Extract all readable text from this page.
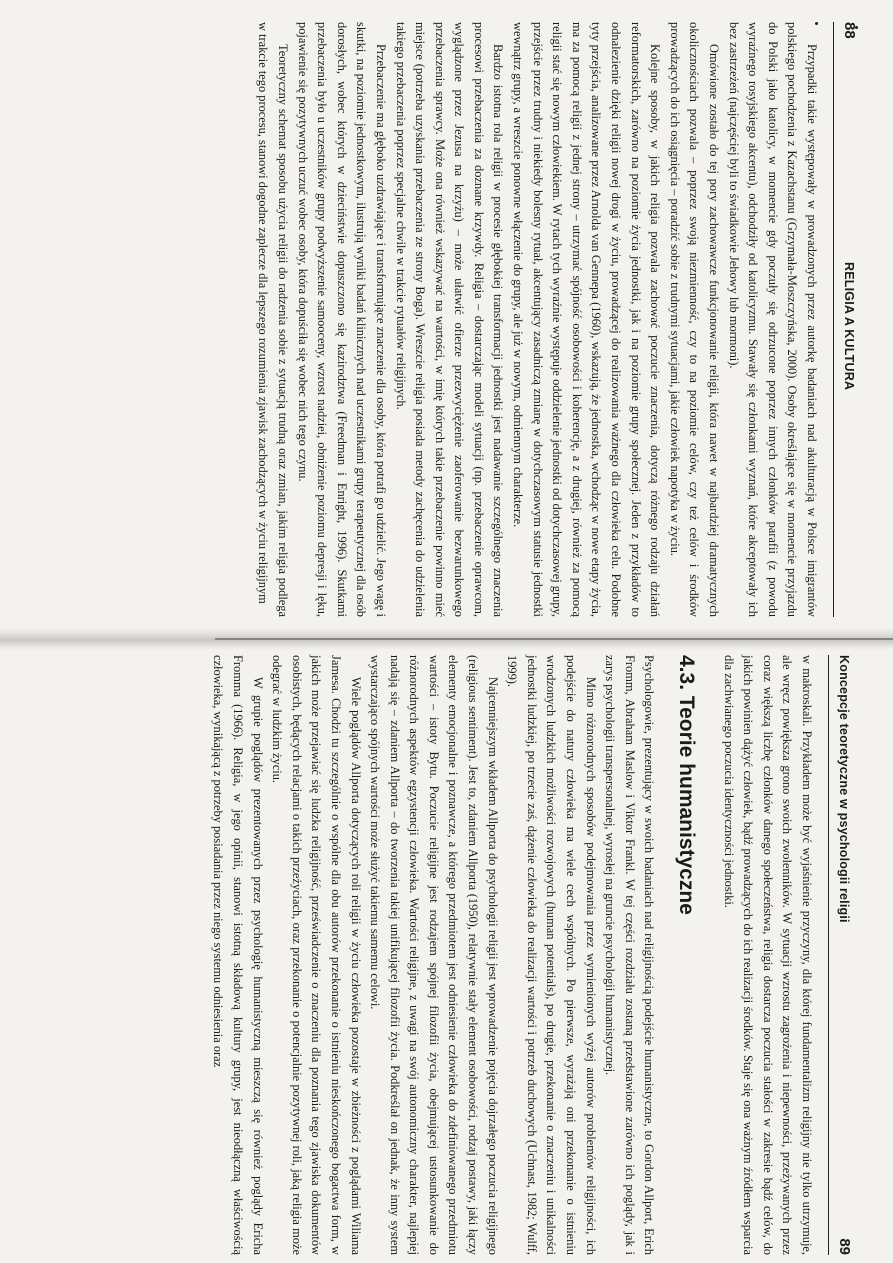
88
RELIGIA A KULTURA

Przypadki takie występowały w prowadzonych przez autorkę badaniach nad akulturacją w Polsce imigrantów polskiego pochodzenia z Kazachstanu (Grzymała-Moszczyńska, 2000). Osoby określające się w momencie przyjazdu do Polski jako katolicy, w momencie gdy poczuły się odrzucone poprzez innych członków parafii (z powodu wyraźnego rosyjskiego akcentu), odchodziły od katolicyzmu. Stawały się członkami wyznań, które akceptowały ich bez zastrzeżeń (najczęściej byli to świadkowie Jehowy lub mormoni).

Omówione zostało do tej pory zachowawcze funkcjonowanie religii, która nawet w najbardziej dramatycznych okolicznościach pozwala – poprzez swoją niezmienność, czy to na poziomie celów, czy też celów i środków prowadzących do ich osiągnięcia – poradzić sobie z trudnymi sytuacjami, jakie człowiek napotyka w życiu.

Kolejne sposoby, w jakich religia pozwala zachować poczucie znaczenia, dotyczą różnego rodzaju działań reformatorskich, zarówno na poziomie życia jednostki, jak i na poziomie grupy społecznej. Jeden z przykładów to odnalezienie dzięki religii nowej drogi w życiu, prowadzącej do realizowania ważnego dla człowieka celu. Podobne tyty przejścia, analizowane przez Arnolda van Gennepa (1960), wskazują, że jednostka, wchodząc w nowe etapy życia, ma za pomocą religii z jednej strony – utrzymać spójność osobowości i koherencję, a z drugiej, również za pomocą religii stać się nowym człowiekiem. W rytach tych wyraźnie występuje oddzielenie jednostki od dotychczasowej grupy, przejście przez trudny i niekiedy bolesny rytuał, akcentujący zasadniczą zmianę w dotychczasowym statusie jednostki wewnątrz grupy, a wreszcie ponowne włączenie do grupy, ale już w nowym, odmiennym charakterze.

Bardzo istotna rola religii w procesie głębokiej transformacji jednostki jest nadawanie szczególnego znaczenia procesowi przebaczenia za doznane krzywdy. Religia – dostarczając modeli sytuacji (np. przebaczenie oprawcom, wyglądzone przez Jezusa na krzyżu) – może ułatwić ofierze przezwyciężenie zaoferowanie bezwarunkowego przebaczenia sprawcy. Może ona również wskazywać na wartości, w imię których takie przebaczenie powinno mieć miejsce (potrzeba uzyskania przebaczenia ze strony Boga). Wreszcie religia posiada metody zachęcenia do udzielenia takiego przebaczenia poprzez specjalne chwile w trakcie rytuałów religijnych.

Przebaczenie ma głęboko uzdrawiające i transformujące znaczenie dla osoby, która potrafi go udzielić. Jego wagę i skutki, na poziomie jednostkowym, ilustrują wyniki badań klinicznych nad uczestnikami grupy terapeutycznej dla osób dorosłych, wobec których w dzieciństwie dopuszczono się kazirodztwa (Freedman i Enright, 1996). Skutkami przebaczenia było u uczestników grupy podwyższenie samooceny, wzrost nadziei, obniżenie poziomu depresji i lęku, pojawienie się pozytywnych uczuć wobec osoby, która dopuściła się wobec nich tego czynu.

Teoretyczny schemat sposobu użycia religii do radzenia sobie z sytuacją trudną oraz zmian, jakim religia podlega w trakcie tego procesu, stanowi dogodne zaplecze dla lepszego rozumienia zjawisk zachodzących w życiu religijnym

Koncepcje teoretyczne w psychologii religii
89

w makroskali. Przykładem może być wyjaśnienie przyczyny, dla której fundamentalizm religijny nie tylko utrzymuje, ale wręcz powiększa grono swoich zwolenników. W sytuacji wzrostu zagrożenia i niepewności, przeżywanych przez coraz większą liczbę członków danego społeczeństwa, religia dostarcza poczucia stałości w zakresie bądź celów, do jakich powinien dążyć człowiek, bądź prowadzących do ich realizacji środków. Staje się ona ważnym źródłem wsparcia dla zachwianego poczucia identyczności jednostki.

4.3. Teorie humanistyczne

Psychologowie, prezentujący w swoich badaniach nad religijnością podejście humanistyczne, to Gordon Allport, Erich Fromm, Abraham Maslow i Viktor Frankl. W tej części rozdziału zostaną przedstawione zarówno ich poglądy, jak i zarys psychologii transpersonalnej, wyrosłej na gruncie psychologii humanistycznej.

Mimo różnorodnych sposobów podejmowania przez wymienionych wyżej autorów problemów religijności, ich podejście do natury człowieka ma wiele cech wspólnych. Po pierwsze, wyrażają oni przekonanie o istnieniu wrodzonych ludzkich możliwości rozwojowych (human potentials), po drugie, przekonanie o znaczeniu i unikalności jednostki ludzkiej, po trzecie zaś, dążenie człowieka do realizacji wartości i potrzeb duchowych (Uchnast, 1982; Wulff, 1999).

Najcenniejszym wkładem Allporta do psychologii religii jest wprowadzenie pojęcia dojrzałego poczucia religijnego (religious sentiment). Jest to, zdaniem Allporta (1950), relatywnie stały element osobowości, rodzaj postawy, jaki łączy elementy emocjonalne i poznawcze, a którego przedmiotem jest odniesienie człowieka do zdefiniowanego przedmiotu wartości – istoty Bytu. Poczucie religijne jest rodzajem spójnej filozofii życia, obejmującej ustosunkowanie do różnorodnych aspektów egzystencji człowieka. Wartości religijne, z uwagi na swój autonomiczny charakter, najlepiej nadają się – zdaniem Allporta – do tworzenia takiej unifikującej filozofii życia. Podkreślał on jednak, że inny system wystarczająco spójnych wartości może służyć takiemu samemu celowi.

Wiele poglądów Allporta dotyczących roli religii w życiu człowieka pozostaje w zbieżności z poglądami Wiliama Jamesa. Chodzi tu szczególnie o wspólne dla obu autorów przekonanie o istnieniu nieskończonego bogactwa form, w jakich może przejawiać się ludzka religijność, przeświadczenie o znaczeniu dla poznania tego zjawiska dokumentów osobistych, będących relacjami o takich przeżyciach, oraz przekonanie o potencjalnie pozytywnej roli, jaką religia może odegrać w ludzkim życiu.

W grupie poglądów prezentowanych przez psychologię humanistyczną mieszczą się również poglądy Ericha Fromma (1966). Religia, w jego opinii, stanowi istotną składową kultury grupy, jest nieodłączną właściwością człowieka, wynikającą z potrzeby posiadania przez niego systemu odniesienia oraz
